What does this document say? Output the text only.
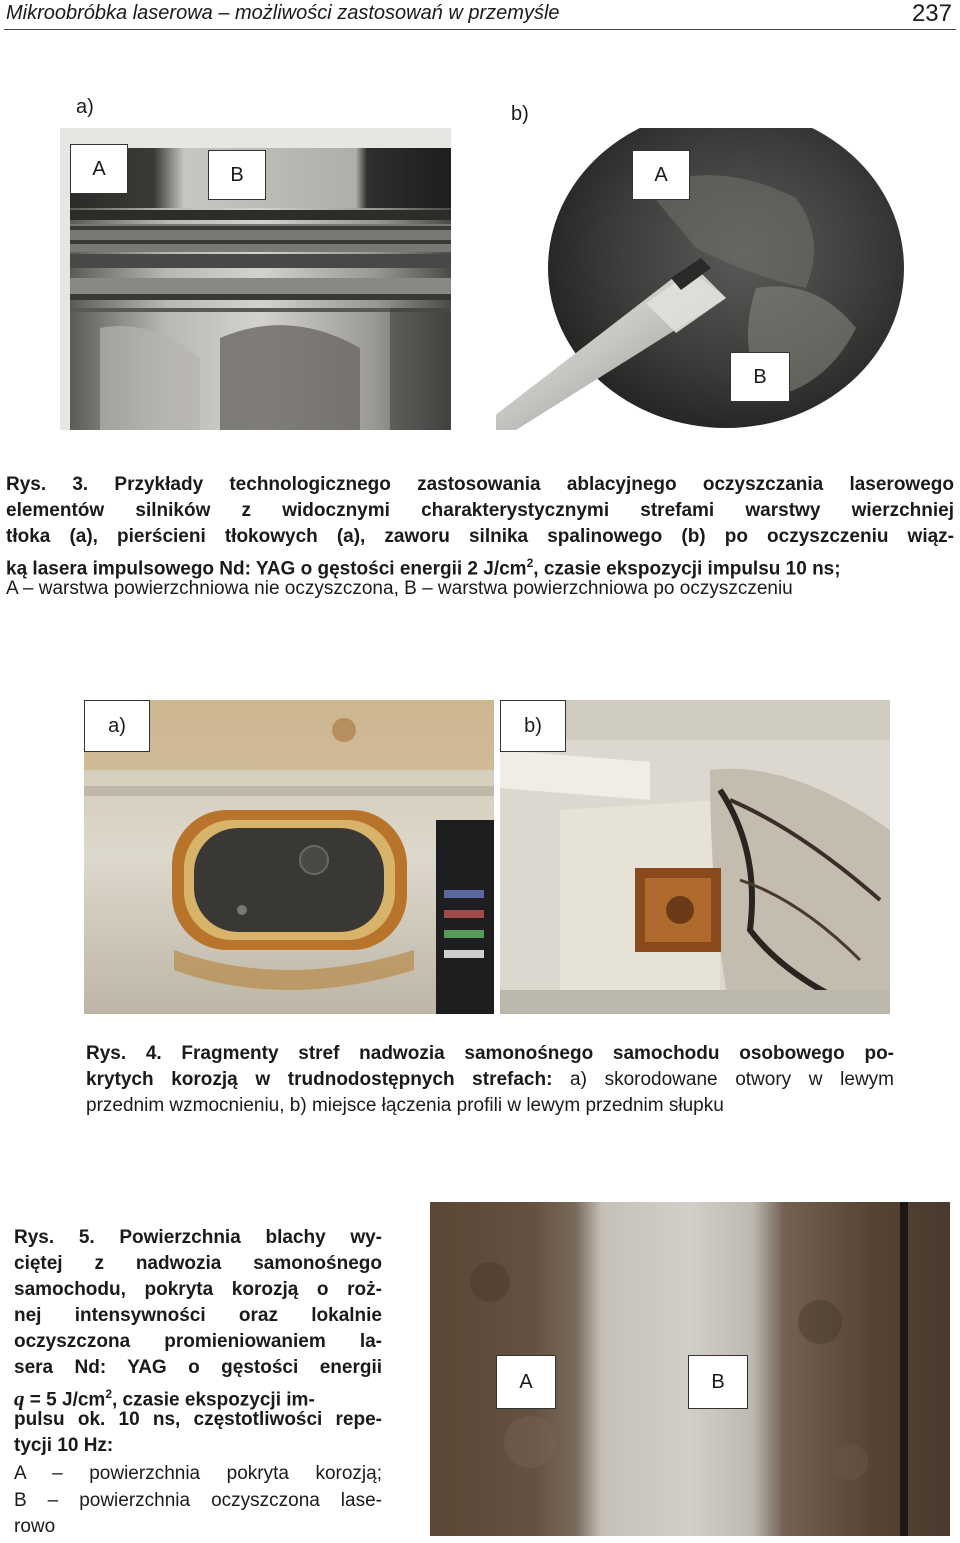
Mikroobróbka laserowa – możliwości zastosowań w przemyśle	237
a)	b)
A	B	A
B
Rys. 3. Przykłady technologicznego zastosowania ablacyjnego oczyszczania laserowego
elementów silników z widocznymi charakterystycznymi strefami warstwy wierzchniej
tłoka (a), pierścieni tłokowych (a), zaworu silnika spalinowego (b) po oczyszczeniu wiąz-
ką lasera impulsowego Nd: YAG o gęstości energii 2 $J/cm^2$, czasie ekspozycji impulsu 10 ns;
A – warstwa powierzchniowa nie oczyszczona, B – warstwa powierzchniowa po oczyszczeniu
a)	b)
Rys. 4. Fragmenty stref nadwozia samonośnego samochodu osobowego po-
krytych korozją w trudnodostępnych strefach: a) skorodowane otwory w lewym
przednim wzmocnieniu, b) miejsce łączenia profili w lewym przednim słupku
A	B
Rys. 5. Powierzchnia blachy wy-
ciętej z nadwozia samonośnego
samochodu, pokryta korozją o roż-
nej intensywności oraz lokalnie
oczyszczona promieniowaniem la-
sera Nd: YAG o gęstości energii
q = 5 $J/cm^2$, czasie ekspozycji im-
pulsu ok. 10 ns, częstotliwości repe-
tycji 10 Hz:
A – powierzchnia pokryta korozją;
B – powierzchnia oczyszczona lase-
rowo
